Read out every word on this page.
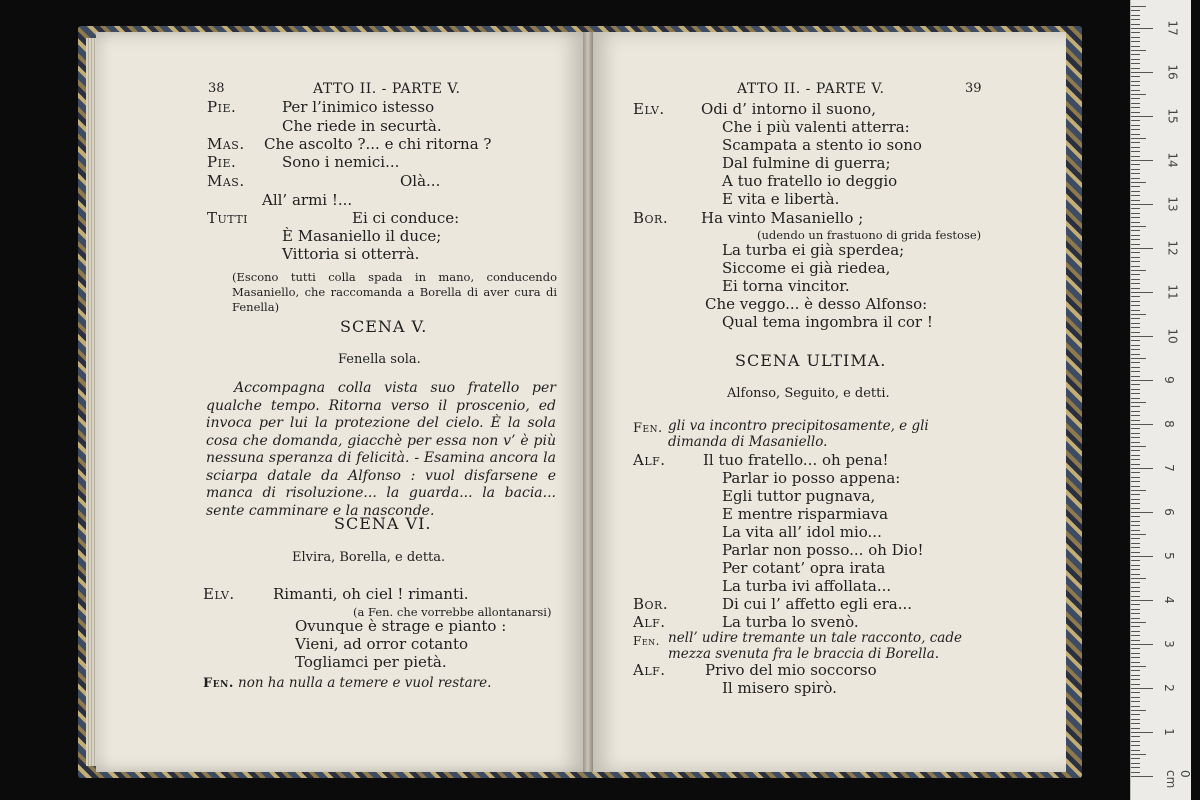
38	ATTO II. - PARTE V.
Pie.	Per l’inimico istesso
Che riede in securtà.
Mas. Che ascolto ?... e chi ritorna ?
Pie.	Sono i nemici...
Mas.	Olà...
All’ armi !...
Tutti	Ei ci conduce:
È Masaniello il duce;
Vittoria si otterrà.
(Escono tutti colla spada in mano, conducendo Masaniello, che raccomanda a Borella di aver cura di Fenella)
SCENA V.
Fenella sola.
Accompagna colla vista suo fratello per qualche tempo. Ritorna verso il proscenio, ed invoca per lui la protezione del cielo. È la sola cosa che domanda, giacchè per essa non v’ è più nessuna speranza di felicità. - Esamina ancora la sciarpa datale da Alfonso : vuol disfarsene e manca di risoluzione... la guarda... la bacia... sente camminare e la nasconde.
SCENA VI.
Elvira, Borella, e detta.
Elv.	Rimanti, oh ciel ! rimanti.
(a Fen. che vorrebbe allontanarsi)
Ovunque è strage e pianto :
Vieni, ad orror cotanto
Togliamci per pietà.
Fen. non ha nulla a temere e vuol restare.
ATTO II. - PARTE V.	39
Elv. Odi d’ intorno il suono,
Che i più valenti atterra:
Scampata a stento io sono
Dal fulmine di guerra;
A tuo fratello io deggio
E vita e libertà.
Bor. Ha vinto Masaniello ;
(udendo un frastuono di grida festose)
La turba ei già sperdea;
Siccome ei già riedea,
Ei torna vincitor.
Che veggo... è desso Alfonso:
Qual tema ingombra il cor !
SCENA ULTIMA.
Alfonso, Seguito, e detti.
Fen. gli va incontro precipitosamente, e gli dimanda di Masaniello.
Alf. Il tuo fratello... oh pena!
Parlar io posso appena:
Egli tuttor pugnava,
E mentre risparmiava
La vita all’ idol mio...
Parlar non posso... oh Dio!
Per cotant’ opra irata
La turba ivi affollata...
Bor.	Di cui l’ affetto egli era...
Alf.	La turba lo svenò.
Fen. nell’ udire tremante un tale racconto, cade mezza svenuta fra le braccia di Borella.
Alf.	Privo del mio soccorso
Il misero spirò.
0 cm
1
2
3
4
5
6
7
8
9
10
11
12
13
14
15
16
17
